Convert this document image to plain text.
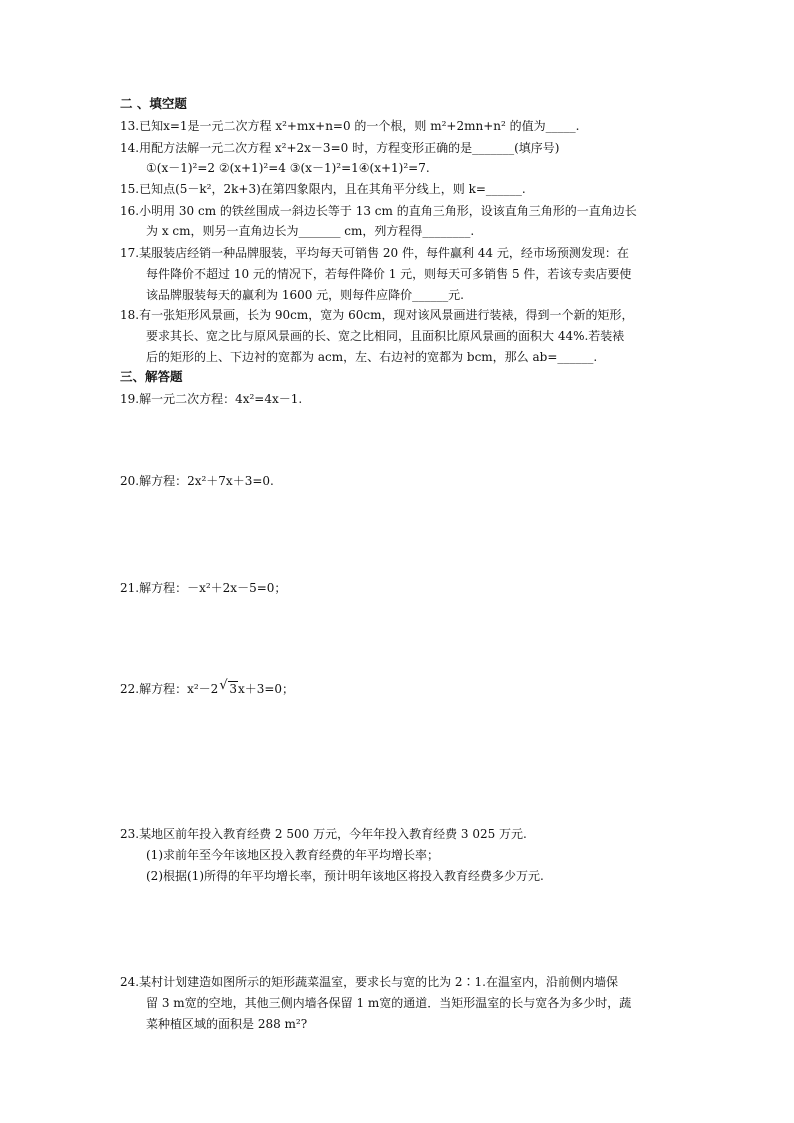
二 、填空题
13.已知x=1是一元二次方程 x²+mx+n=0 的一个根，则 m²+2mn+n² 的值为_____.
14.用配方法解一元二次方程 x²+2x－3=0 时，方程变形正确的是_______(填序号)
①(x－1)²=2 ②(x+1)²=4 ③(x－1)²=1④(x+1)²=7.
15.已知点(5－k²，2k+3)在第四象限内，且在其角平分线上，则 k=______.
16.小明用 30 cm 的铁丝围成一斜边长等于 13 cm 的直角三角形，设该直角三角形的一直角边长
为 x cm，则另一直角边长为_______ cm，列方程得________.
17.某服装店经销一种品牌服装，平均每天可销售 20 件，每件赢利 44 元，经市场预测发现：在
每件降价不超过 10 元的情况下，若每件降价 1 元，则每天可多销售 5 件，若该专卖店要使
该品牌服装每天的赢利为 1600 元，则每件应降价______元.
18.有一张矩形风景画，长为 90cm，宽为 60cm，现对该风景画进行装裱，得到一个新的矩形，
要求其长、宽之比与原风景画的长、宽之比相同，且面积比原风景画的面积大 44%.若装裱
后的矩形的上、下边衬的宽都为 acm，左、右边衬的宽都为 bcm，那么 ab=______.
三、解答题
19.解一元二次方程：4x²=4x－1.
20.解方程：2x²＋7x＋3=0.
21.解方程：－x²＋2x－5=0；
22.解方程：x²－2 √ 3x＋3=0；
23.某地区前年投入教育经费 2 500 万元，今年年投入教育经费 3 025 万元.
(1)求前年至今年该地区投入教育经费的年平均增长率；
(2)根据(1)所得的年平均增长率，预计明年该地区将投入教育经费多少万元.
24.某村计划建造如图所示的矩形蔬菜温室，要求长与宽的比为 2∶1.在温室内，沿前侧内墙保
留 3 m宽的空地，其他三侧内墙各保留 1 m宽的通道．当矩形温室的长与宽各为多少时，蔬
菜种植区域的面积是 288 m²?
